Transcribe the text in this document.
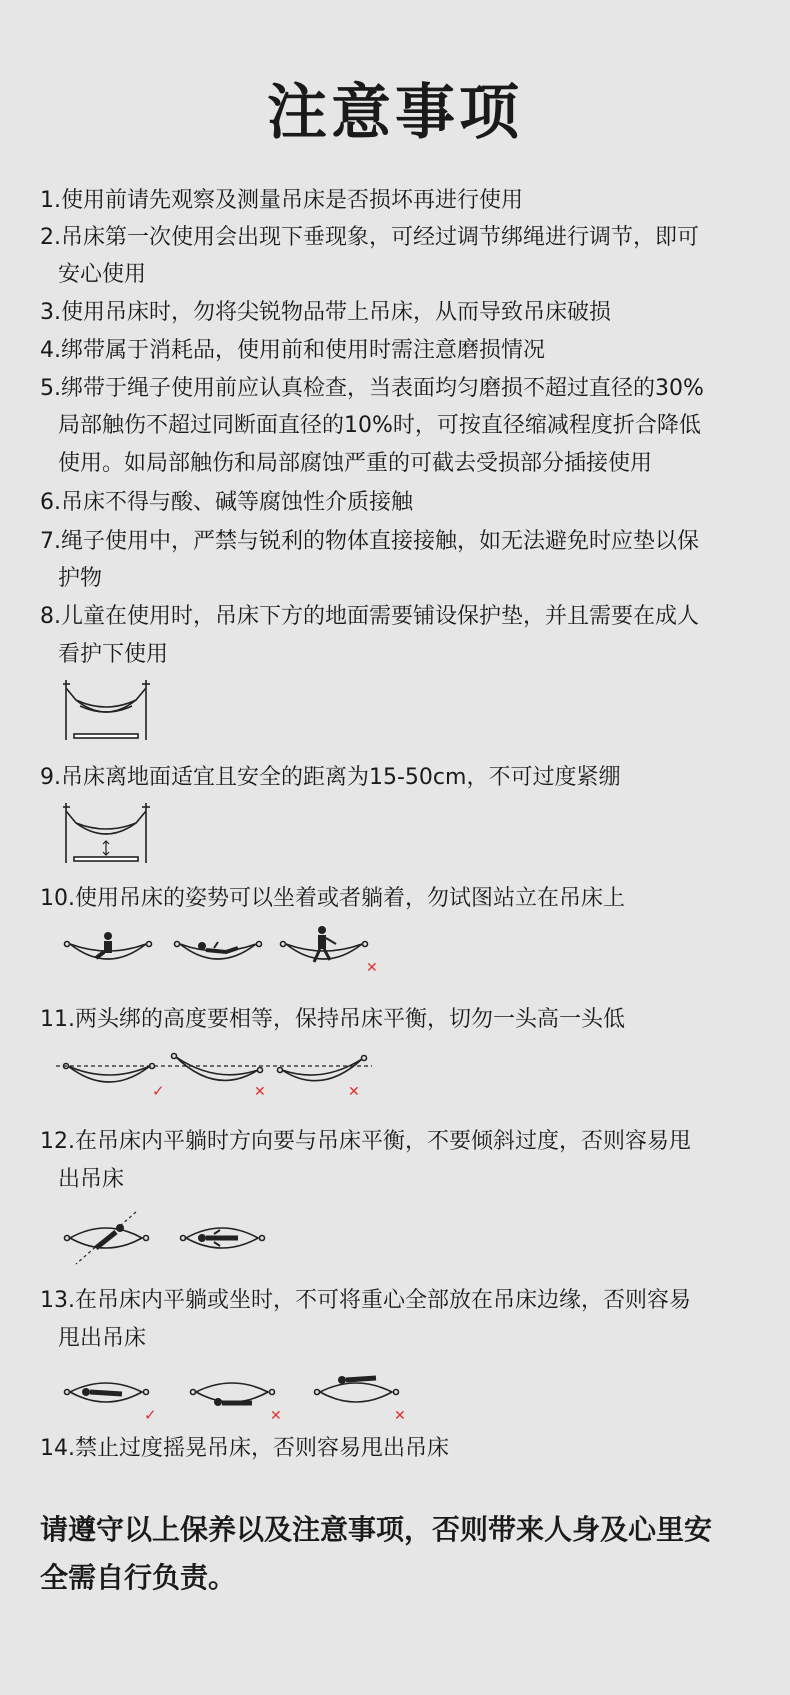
注意事项
1.使用前请先观察及测量吊床是否损坏再进行使用
2.吊床第一次使用会出现下垂现象，可经过调节绑绳进行调节，即可
安心使用
3.使用吊床时，勿将尖锐物品带上吊床，从而导致吊床破损
4.绑带属于消耗品，使用前和使用时需注意磨损情况
5.绑带于绳子使用前应认真检查，当表面均匀磨损不超过直径的30%
局部触伤不超过同断面直径的10%时，可按直径缩减程度折合降低
使用。如局部触伤和局部腐蚀严重的可截去受损部分插接使用
6.吊床不得与酸、碱等腐蚀性介质接触
7.绳子使用中，严禁与锐利的物体直接接触，如无法避免时应垫以保
护物
8.儿童在使用时，吊床下方的地面需要铺设保护垫，并且需要在成人
看护下使用
9.吊床离地面适宜且安全的距离为15-50cm，不可过度紧绷
10.使用吊床的姿势可以坐着或者躺着，勿试图站立在吊床上
✕
11.两头绑的高度要相等，保持吊床平衡，切勿一头高一头低
✓	✕	✕
12.在吊床内平躺时方向要与吊床平衡，不要倾斜过度，否则容易甩
出吊床
13.在吊床内平躺或坐时，不可将重心全部放在吊床边缘，否则容易
甩出吊床
✓	✕	✕
14.禁止过度摇晃吊床，否则容易甩出吊床
请遵守以上保养以及注意事项，否则带来人身及心里安
全需自行负责。
